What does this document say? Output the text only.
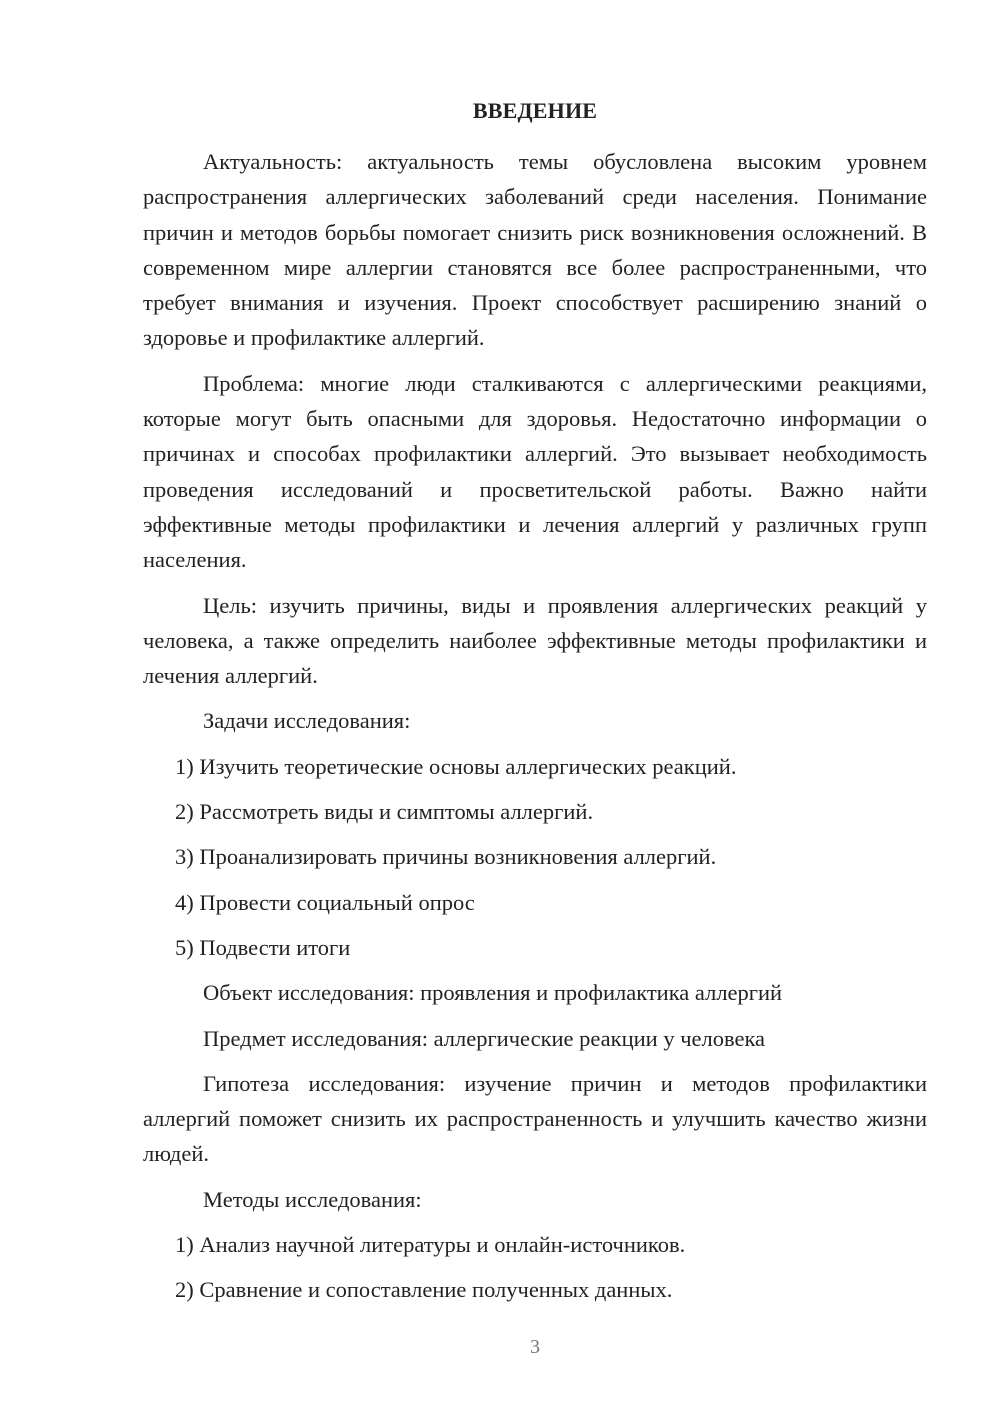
ВВЕДЕНИЕ

Актуальность: актуальность темы обусловлена высоким уровнем распространения аллергических заболеваний среди населения. Понимание причин и методов борьбы помогает снизить риск возникновения осложнений. В современном мире аллергии становятся все более распространенными, что требует внимания и изучения. Проект способствует расширению знаний о здоровье и профилактике аллергий.

Проблема: многие люди сталкиваются с аллергическими реакциями, которые могут быть опасными для здоровья. Недостаточно информации о причинах и способах профилактики аллергий. Это вызывает необходимость проведения исследований и просветительской работы. Важно найти эффективные методы профилактики и лечения аллергий у различных групп населения.

Цель: изучить причины, виды и проявления аллергических реакций у человека, а также определить наиболее эффективные методы профилактики и лечения аллергий.

Задачи исследования:
1) Изучить теоретические основы аллергических реакций.
2) Рассмотреть виды и симптомы аллергий.
3) Проанализировать причины возникновения аллергий.
4) Провести социальный опрос
5) Подвести итоги
Объект исследования: проявления и профилактика аллергий
Предмет исследования: аллергические реакции у человека

Гипотеза исследования: изучение причин и методов профилактики аллергий поможет снизить их распространенность и улучшить качество жизни людей.

Методы исследования:
1) Анализ научной литературы и онлайн-источников.
2) Сравнение и сопоставление полученных данных.
3
